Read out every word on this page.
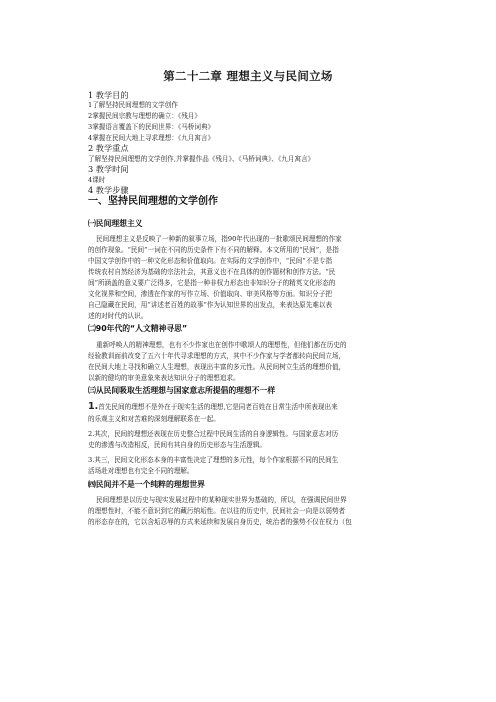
第二十二章 理想主义与民间立场
1 教学目的
1了解坚持民间理想的文学创作
2掌握民间宗教与理想的确立：《残月》
3掌握语言覆盖下的民间世界：《马桥词典》
4掌握在民间大地上寻求理想：《九月寓言》
2 教学重点
了解坚持民间理想的文学创作,并掌握作品《残月》、《马桥词典》、《九月寓言》
3 教学时间
4课时
4 教学步骤
一、坚持民间理想的文学创作
㈠民间理想主义
民间理想主义是反映了一种新的叙事立场，指90年代出现的一批歌颂民间理想的作家
的创作现象。“民间”一词在不同的历史条件下有不同的解释。本文所用的“民间”，是指
中国文学创作中的一种文化形态和价值取向。在实际的文学创作中，“民间”不是专指
传统农村自然经济为基础的宗法社会，其意义也不在具体的创作题材和创作方法。“民
间”所涵盖的意义要广泛得多，它是指一种非权力形态也非知识分子的精英文化形态的
文化视界和空间，渗透在作家的写作立场、价值取向、审美风格等方面。知识分子把
自己隐藏在民间，用“讲述老百姓的故事”作为认知世界的出发点，来表达原先难以表
述的对时代的认识。
㈡90年代的“人文精神寻思”
重新呼唤人的精神理想，也有不少作家也在创作中歌颂人的理想性，但他们都在历史的
经验教训面前改变了五六十年代寻求理想的方式，其中不少作家与学者都转向民间立场，
在民间大地上寻找和确立人生理想，表现出丰富的多元性。从民间树立生活的理想价值，
以新的健均的审美意象来表达知识分子的理想追求。
㈢从民间吸取生活理想与国家意志所提倡的理想不一样
1.首先民间的理想不是外在于现实生活的理想,它是同老百姓在日常生活中所表现出来
的乐观主义和对苦难的深刻理解联系在一起。
2.其次，民间的理想还表现在历史整合过程中民间生活的自身逻辑性。与国家意志对历
史的渗透与改造相反，民间有其自身的历史形态与生活逻辑。
3.其三，民间文化形态本身的丰富性决定了理想的多元性，每个作家根据不同的民间生
活场赴对理想也有完全不同的理解。
㈣民间并不是一个纯粹的理想世界
民间理想是以历史与现实发展过程中的某种现实世界为基础的，所以，在强调民间世界
的理想性时，不能不意识到它的藏污纳垢性。在以往的历史中，民间社会一向是以弱势者
的形态存在的，它以含垢忍辱的方式来延续和发展自身历史，统治者的强势不仅在权力（包
